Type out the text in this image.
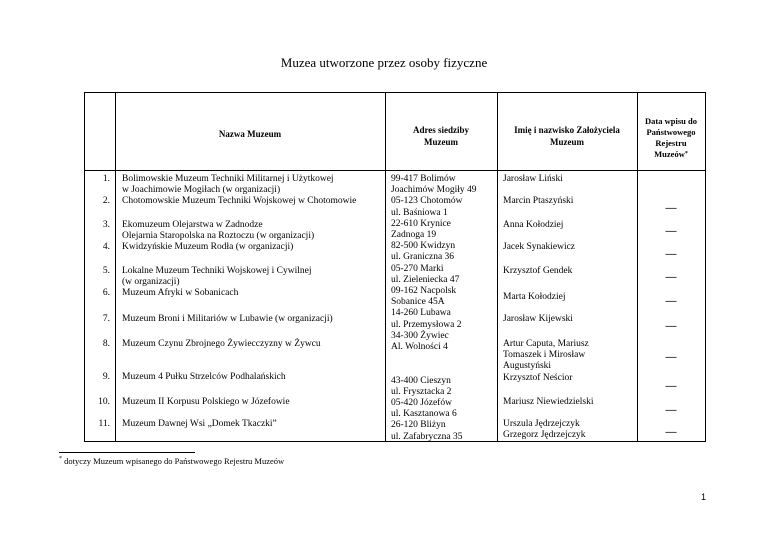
Muzea utworzone przez osoby fizyczne
Nazwa Muzeum	Adres siedziby
Muzeum
Imię i nazwisko Założyciela
Muzeum
Data wpisu do
Państwowego
Rejestru
Muzeów*
1.
2.
3.
4.
5.
6.
7.
8.
9.
10.
11.
Bolimowskie Muzeum Techniki Militarnej i Użytkowej
w Joachimowie Mogiłach (w organizacji)
Chotomowskie Muzeum Techniki Wojskowej w Chotomowie
Ekomuzeum Olejarstwa w Zadnodze
Olejarnia Staropolska na Roztoczu (w organizacji)
Kwidzyńskie Muzeum Rodła (w organizacji)
Lokalne Muzeum Techniki Wojskowej i Cywilnej
(w organizacji)
Muzeum Afryki w Sobanicach
Muzeum Broni i Militariów w Lubawie (w organizacji)
Muzeum Czynu Zbrojnego Żywiecczyzny w Żywcu
Muzeum 4 Pułku Strzelców Podhalańskich
Muzeum II Korpusu Polskiego w Józefowie
Muzeum Dawnej Wsi „Domek Tkaczki”
99-417 Bolimów
Joachimów Mogiły 49
05-123 Chotomów
ul. Baśniowa 1
22-610 Krynice
Zadnoga 19
82-500 Kwidzyn
ul. Graniczna 36
05-270 Marki
ul. Zieleniecka 47
09-162 Nacpolsk
Sobanice 45A
14-260 Lubawa
ul. Przemysłowa 2
34-300 Żywiec
Al. Wolności 4

43-400 Cieszyn
ul. Frysztacka 2
05-420 Józefów
ul. Kasztanowa 6
26-120 Bliżyn
ul. Zafabryczna 35
Jarosław Liński
Marcin Ptaszyński
Anna Kołodziej
Jacek Synakiewicz
Krzysztof Gendek
Marta Kołodziej
Jarosław Kijewski
Artur Caputa, Mariusz
Tomaszek i Mirosław
Augustyński
Krzysztof Neścior
Mariusz Niewiedzielski
Urszula Jędrzejczyk
Grzegorz Jędrzejczyk
—
—
—
—
—
—
—
—
—
—
* dotyczy Muzeum wpisanego do Państwowego Rejestru Muzeów
1
